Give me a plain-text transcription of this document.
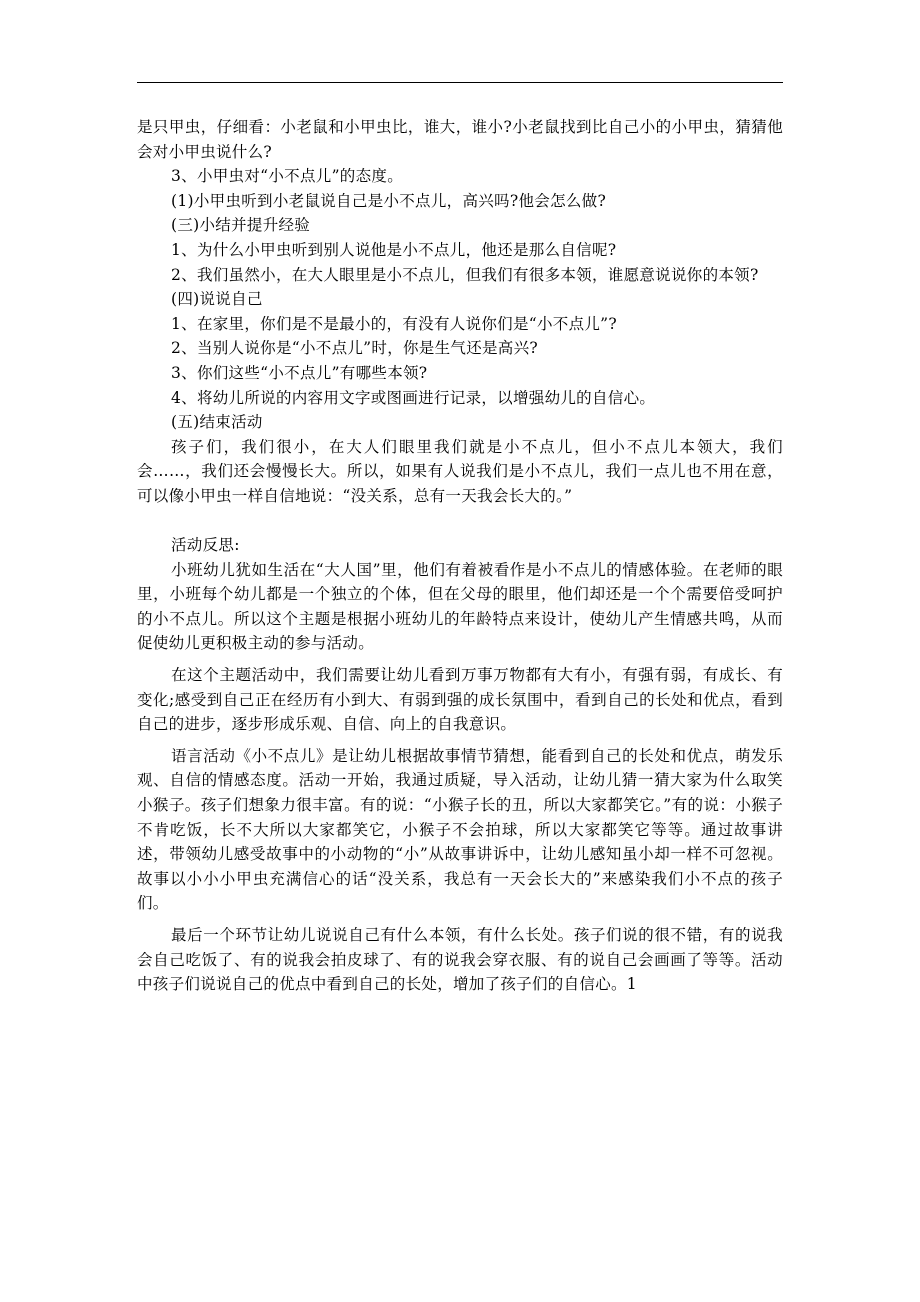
是只甲虫，仔细看：小老鼠和小甲虫比，谁大，谁小?小老鼠找到比自己小的小甲虫，猜猜他会对小甲虫说什么?

3、小甲虫对“小不点儿”的态度。

(1)小甲虫听到小老鼠说自己是小不点儿，高兴吗?他会怎么做?

(三)小结并提升经验

1、为什么小甲虫听到别人说他是小不点儿，他还是那么自信呢?

2、我们虽然小，在大人眼里是小不点儿，但我们有很多本领，谁愿意说说你的本领?

(四)说说自己

1、在家里，你们是不是最小的，有没有人说你们是“小不点儿”?

2、当别人说你是“小不点儿”时，你是生气还是高兴?

3、你们这些“小不点儿”有哪些本领?

4、将幼儿所说的内容用文字或图画进行记录，以增强幼儿的自信心。

(五)结束活动

孩子们，我们很小，在大人们眼里我们就是小不点儿，但小不点儿本领大，我们会……，我们还会慢慢长大。所以，如果有人说我们是小不点儿，我们一点儿也不用在意，可以像小甲虫一样自信地说：“没关系，总有一天我会长大的。”

活动反思:

小班幼儿犹如生活在“大人国”里，他们有着被看作是小不点儿的情感体验。在老师的眼里，小班每个幼儿都是一个独立的个体，但在父母的眼里，他们却还是一个个需要倍受呵护的小不点儿。所以这个主题是根据小班幼儿的年龄特点来设计，使幼儿产生情感共鸣，从而促使幼儿更积极主动的参与活动。

在这个主题活动中，我们需要让幼儿看到万事万物都有大有小，有强有弱，有成长、有变化;感受到自己正在经历有小到大、有弱到强的成长氛围中，看到自己的长处和优点，看到自己的进步，逐步形成乐观、自信、向上的自我意识。

语言活动《小不点儿》是让幼儿根据故事情节猜想，能看到自己的长处和优点，萌发乐观、自信的情感态度。活动一开始，我通过质疑，导入活动，让幼儿猜一猜大家为什么取笑小猴子。孩子们想象力很丰富。有的说：“小猴子长的丑，所以大家都笑它。”有的说：小猴子不肯吃饭，长不大所以大家都笑它，小猴子不会拍球，所以大家都笑它等等。通过故事讲述，带领幼儿感受故事中的小动物的“小”从故事讲诉中，让幼儿感知虽小却一样不可忽视。故事以小小小甲虫充满信心的话“没关系，我总有一天会长大的”来感染我们小不点的孩子们。

最后一个环节让幼儿说说自己有什么本领，有什么长处。孩子们说的很不错，有的说我会自己吃饭了、有的说我会拍皮球了、有的说我会穿衣服、有的说自己会画画了等等。活动中孩子们说说自己的优点中看到自己的长处，增加了孩子们的自信心。1
